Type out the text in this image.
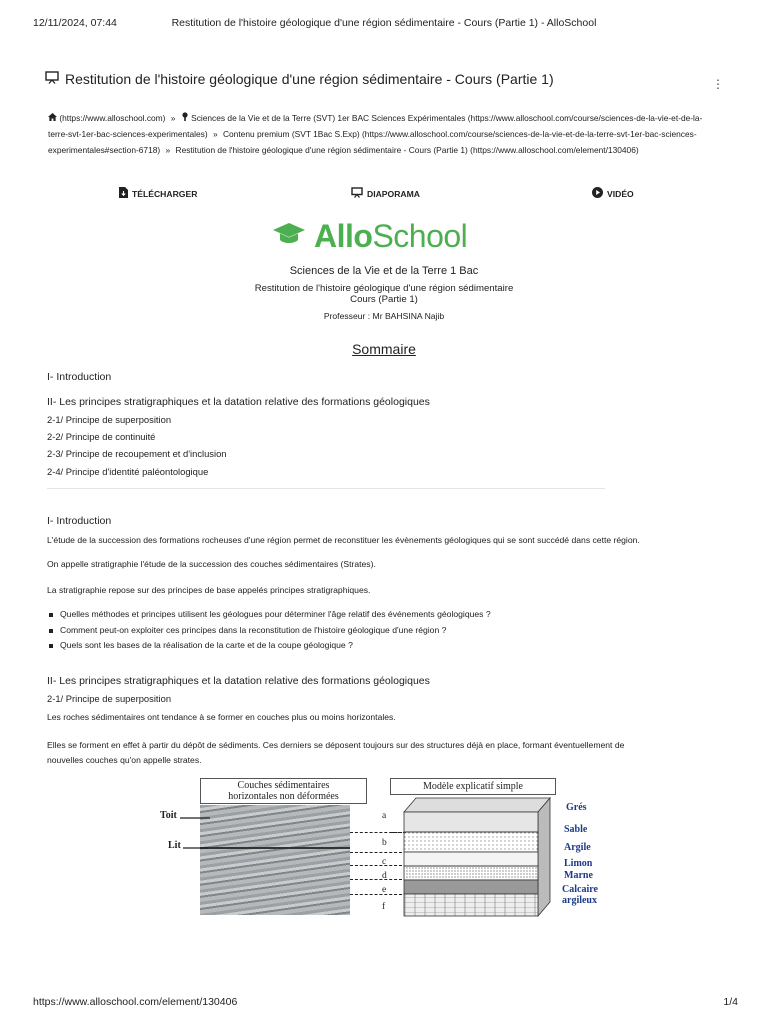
12/11/2024, 07:44	Restitution de l'histoire géologique d'une région sédimentaire - Cours (Partie 1) - AlloSchool
Restitution de l'histoire géologique d'une région sédimentaire - Cours (Partie 1)	⋮
(https://www.alloschool.com) » Sciences de la Vie et de la Terre (SVT) 1er BAC Sciences Expérimentales (https://www.alloschool.com/course/sciences-de-la-vie-et-de-la-terre-svt-1er-bac-sciences-experimentales) » Contenu premium (SVT 1Bac S.Exp) (https://www.alloschool.com/course/sciences-de-la-vie-et-de-la-terre-svt-1er-bac-sciences-experimentales#section-6718) » Restitution de l'histoire géologique d'une région sédimentaire - Cours (Partie 1) (https://www.alloschool.com/element/130406)
TÉLÉCHARGER	DIAPORAMA	VIDÉO
AlloSchool
Sciences de la Vie et de la Terre 1 Bac
Restitution de l'histoire géologique d'une région sédimentaire
Cours (Partie 1)
Professeur : Mr BAHSINA Najib
Sommaire
I- Introduction
II- Les principes stratigraphiques et la datation relative des formations géologiques
2-1/ Principe de superposition
2-2/ Principe de continuité
2-3/ Principe de recoupement et d'inclusion
2-4/ Principe d'identité paléontologique
I- Introduction
L'étude de la succession des formations rocheuses d'une région permet de reconstituer les évènements géologiques qui se sont succédé dans cette région.
On appelle stratigraphie l'étude de la succession des couches sédimentaires (Strates).
La stratigraphie repose sur des principes de base appelés principes stratigraphiques.
Quelles méthodes et principes utilisent les géologues pour déterminer l'âge relatif des événements géologiques ?
Comment peut-on exploiter ces principes dans la reconstitution de l'histoire géologique d'une région ?
Quels sont les bases de la réalisation de la carte et de la coupe géologique ?
II- Les principes stratigraphiques et la datation relative des formations géologiques
2-1/ Principe de superposition
Les roches sédimentaires ont tendance à se former en couches plus ou moins horizontales.
Elles se forment en effet à partir du dépôt de sédiments. Ces derniers se déposent toujours sur des structures déjà en place, formant éventuellement de
nouvelles couches qu'on appelle strates.
Couches sédimentaires
horizontales non déformées
Modèle explicatif simple
Toit
Lit
a
b
c
d
e
f
Grés
Sable
Argile
Limon
Marne
Calcaire argileux
https://www.alloschool.com/element/130406	1/4
